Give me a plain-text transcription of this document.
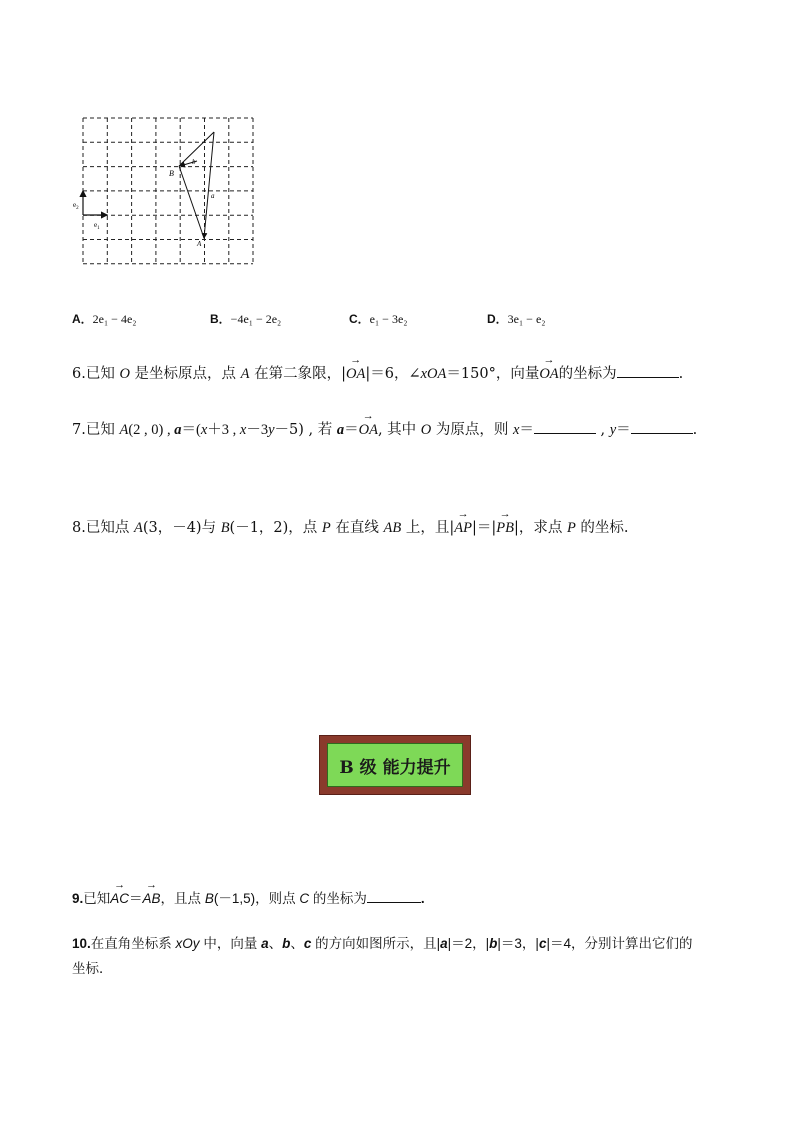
B
b
a
A
$e_1$
$e_2$
A．2e₁ − 4e₂	B．−4e₁ − 2e₂	C．e₁ − 3e₂	D．3e₁ − e₂
6.已知 O 是坐标原点，点 A 在第二象限，|→ OA|＝6，∠xOA＝150°，向量→ OA的坐标为	.
7.已知 A(2 , 0) , a＝(x＋3 , x－3y－5) , 若 a＝→ OA, 其中 O 为原点，则 x＝	, y＝	.
8.已知点 A(3，－4)与 B(－1，2)，点 P 在直线 AB 上，且|→ AP|＝|→ PB|，求点 P 的坐标.
B 级 能力提升
9.已知→ AC＝→ AB，且点 B(－1,5)，则点 C 的坐标为	.
10.在直角坐标系 xOy 中，向量 a、b、c 的方向如图所示，且|a|＝2，|b|＝3，|c|＝4，分别计算出它们的
坐标．
